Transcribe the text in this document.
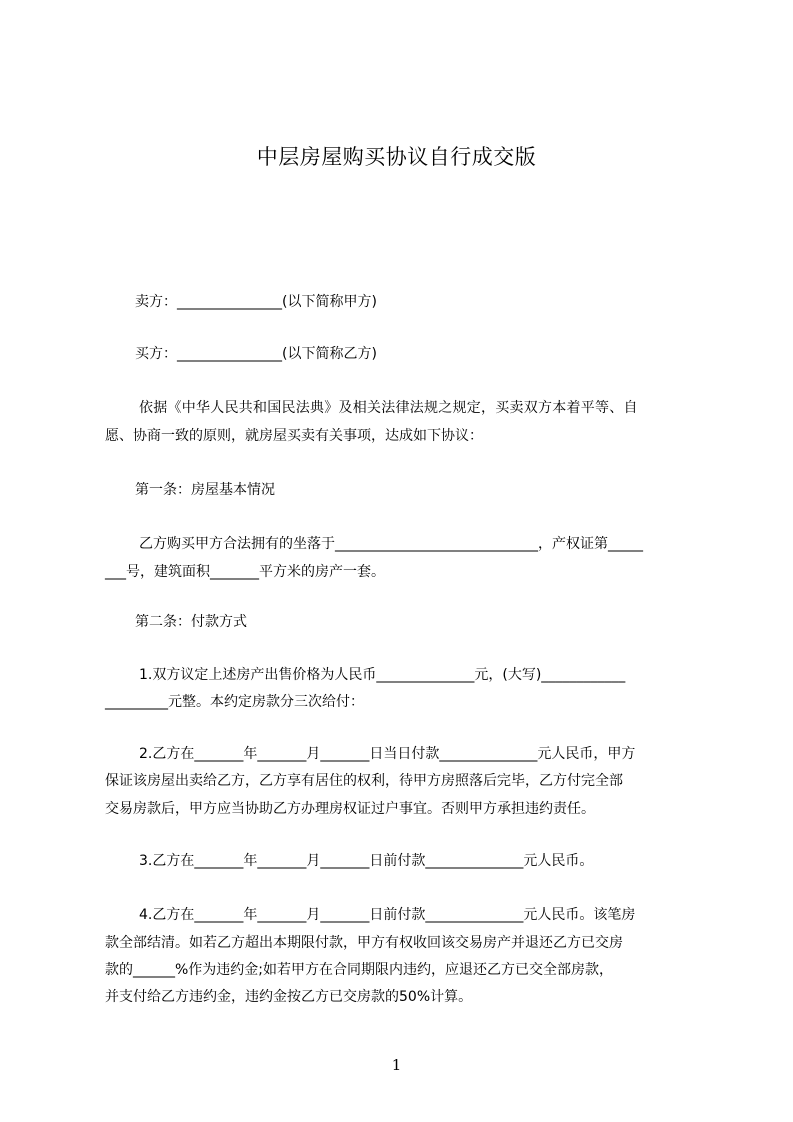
中层房屋购买协议自行成交版
卖方：_______________(以下简称甲方)
买方：_______________(以下简称乙方)
依据《中华人民共和国民法典》及相关法律法规之规定，买卖双方本着平等、自
愿、协商一致的原则，就房屋买卖有关事项，达成如下协议：
第一条：房屋基本情况
乙方购买甲方合法拥有的坐落于_____________________________，产权证第_____
___号，建筑面积_______平方米的房产一套。
第二条：付款方式
1.双方议定上述房产出售价格为人民币______________元，(大写)____________
_________元整。本约定房款分三次给付：
2.乙方在_______年_______月_______日当日付款______________元人民币，甲方
保证该房屋出卖给乙方，乙方享有居住的权利，待甲方房照落后完毕，乙方付完全部
交易房款后，甲方应当协助乙方办理房权证过户事宜。否则甲方承担违约责任。
3.乙方在_______年_______月_______日前付款______________元人民币。
4.乙方在_______年_______月_______日前付款______________元人民币。该笔房
款全部结清。如若乙方超出本期限付款，甲方有权收回该交易房产并退还乙方已交房
款的______%作为违约金;如若甲方在合同期限内违约，应退还乙方已交全部房款，
并支付给乙方违约金，违约金按乙方已交房款的50%计算。
1
